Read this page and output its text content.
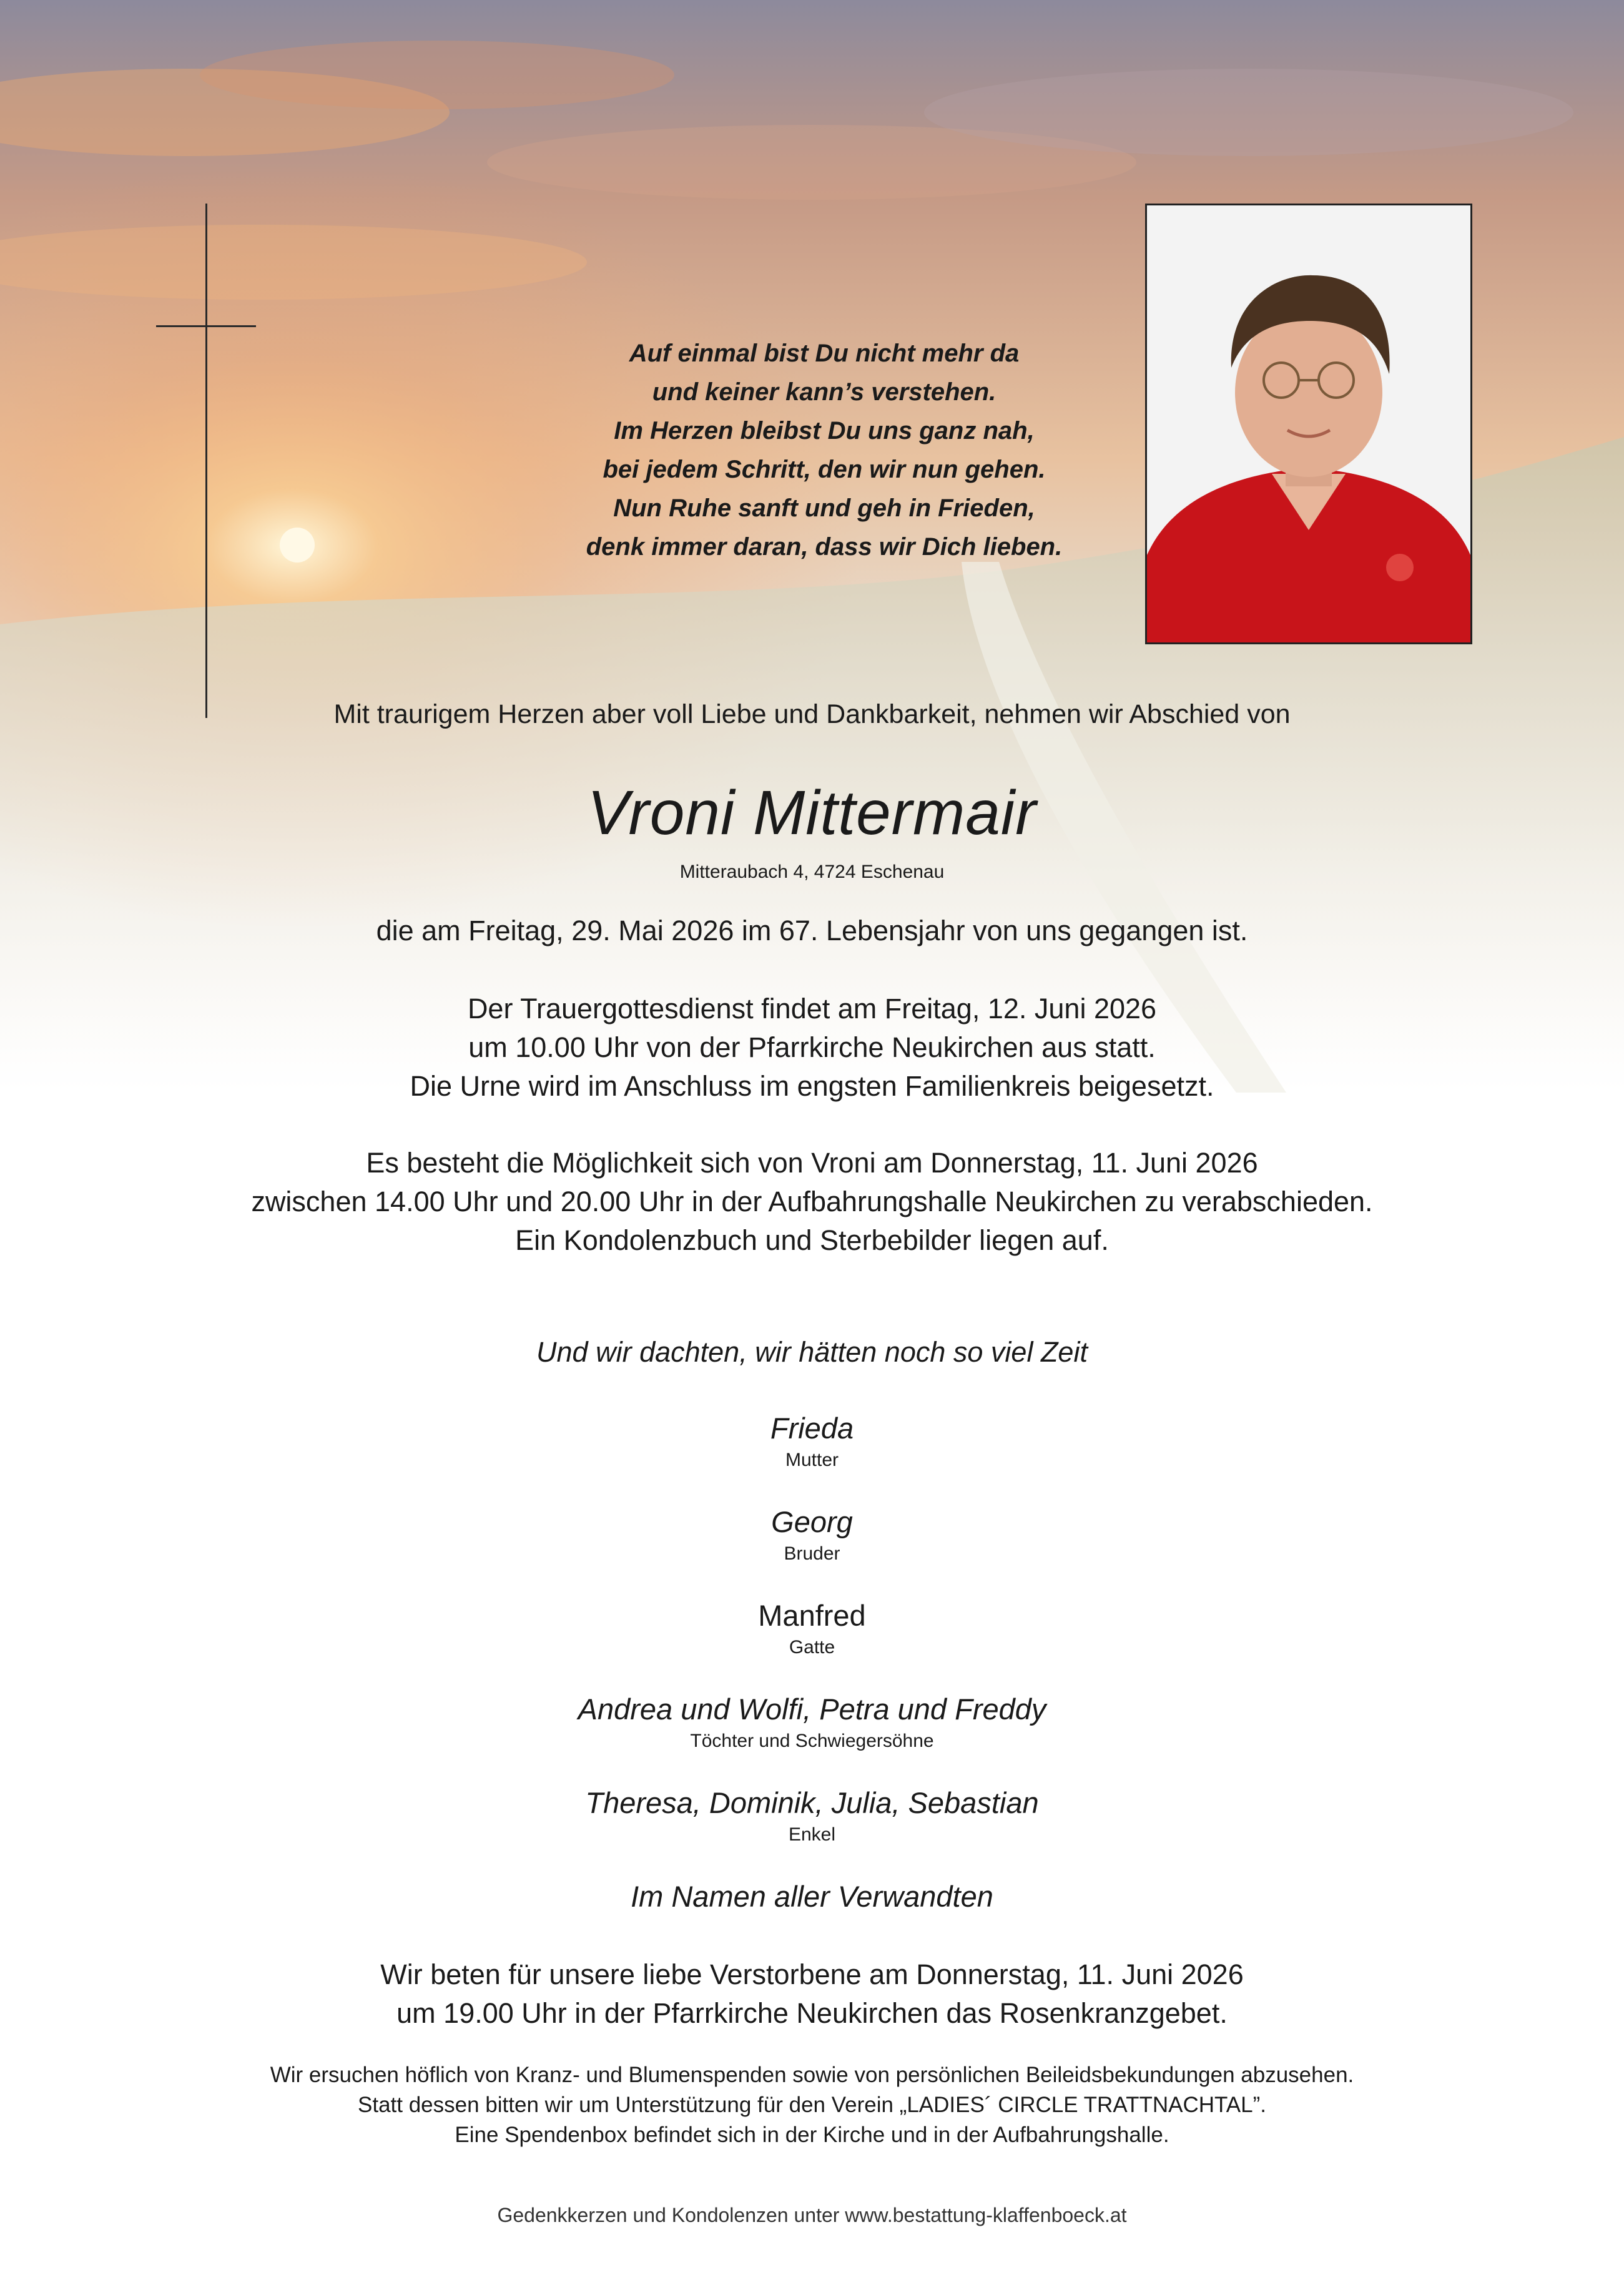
Auf einmal bist Du nicht mehr da
und keiner kann’s verstehen.
Im Herzen bleibst Du uns ganz nah,
bei jedem Schritt, den wir nun gehen.
Nun Ruhe sanft und geh in Frieden,
denk immer daran, dass wir Dich lieben.
Mit traurigem Herzen aber voll Liebe und Dankbarkeit, nehmen wir Abschied von
Vroni Mittermair
Mitteraubach 4, 4724 Eschenau
die am Freitag, 29. Mai 2026 im 67. Lebensjahr von uns gegangen ist.
Der Trauergottesdienst findet am Freitag, 12. Juni 2026
um 10.00 Uhr von der Pfarrkirche Neukirchen aus statt.
Die Urne wird im Anschluss im engsten Familienkreis beigesetzt.
Es besteht die Möglichkeit sich von Vroni am Donnerstag, 11. Juni 2026
zwischen 14.00 Uhr und 20.00 Uhr in der Aufbahrungshalle Neukirchen zu verabschieden.
Ein Kondolenzbuch und Sterbebilder liegen auf.
Und wir dachten, wir hätten noch so viel Zeit
Frieda
Mutter
Georg
Bruder
Manfred
Gatte
Andrea und Wolfi, Petra und Freddy
Töchter und Schwiegersöhne
Theresa, Dominik, Julia, Sebastian
Enkel
Im Namen aller Verwandten
Wir beten für unsere liebe Verstorbene am Donnerstag, 11. Juni 2026
um 19.00 Uhr in der Pfarrkirche Neukirchen das Rosenkranzgebet.
Wir ersuchen höflich von Kranz- und Blumenspenden sowie von persönlichen Beileidsbekundungen abzusehen.
Statt dessen bitten wir um Unterstützung für den Verein „LADIES´ CIRCLE TRATTNACHTAL”.
Eine Spendenbox befindet sich in der Kirche und in der Aufbahrungshalle.
Gedenkkerzen und Kondolenzen unter www.bestattung-klaffenboeck.at
